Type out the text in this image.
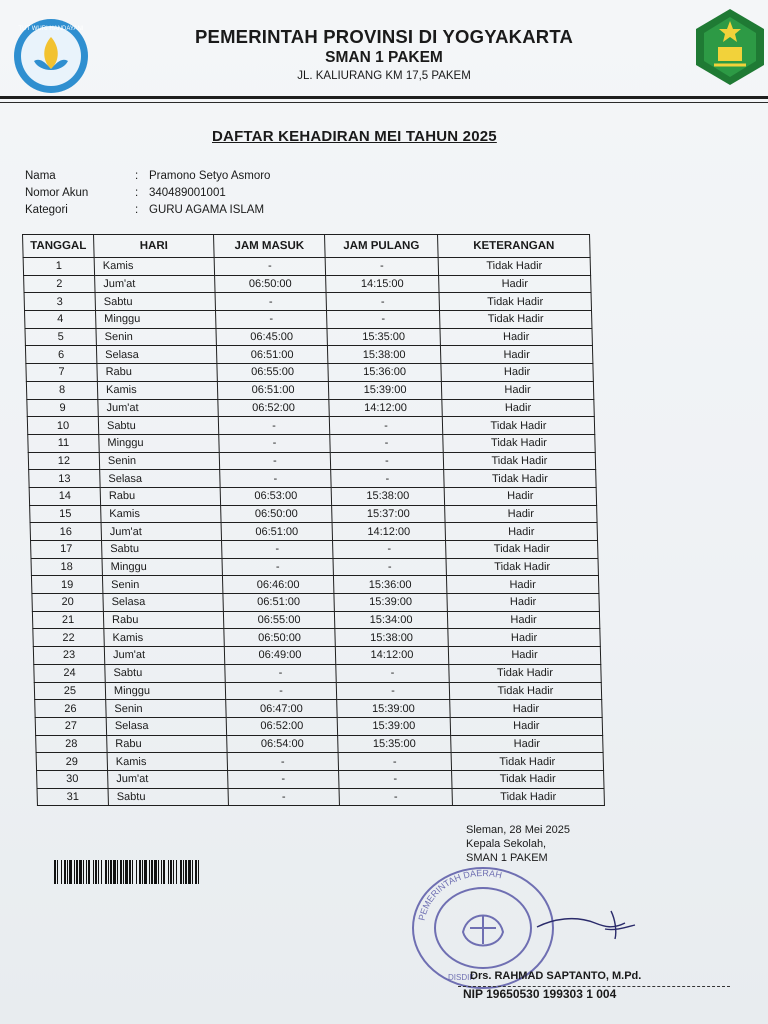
TUT WURI HANDAYANI	PEMERINTAH PROVINSI DI YOGYAKARTA
SMAN 1 PAKEM
JL. KALIURANG KM 17,5 PAKEM
DAFTAR KEHADIRAN MEI TAHUN 2025
Nama	: Pramono Setyo Asmoro
Nomor Akun	: 340489001001
Kategori	: GURU AGAMA ISLAM
TANGGAL	HARI	JAM MASUK	JAM PULANG	KETERANGAN
1	Kamis	-	-	Tidak Hadir
2	Jum'at	06:50:00	14:15:00	Hadir
3	Sabtu	-	-	Tidak Hadir
4	Minggu	-	-	Tidak Hadir
5	Senin	06:45:00	15:35:00	Hadir
6	Selasa	06:51:00	15:38:00	Hadir
7	Rabu	06:55:00	15:36:00	Hadir
8	Kamis	06:51:00	15:39:00	Hadir
9	Jum'at	06:52:00	14:12:00	Hadir
10	Sabtu	-	-	Tidak Hadir
11	Minggu	-	-	Tidak Hadir
12	Senin	-	-	Tidak Hadir
13	Selasa	-	-	Tidak Hadir
14	Rabu	06:53:00	15:38:00	Hadir
15	Kamis	06:50:00	15:37:00	Hadir
16	Jum'at	06:51:00	14:12:00	Hadir
17	Sabtu	-	-	Tidak Hadir
18	Minggu	-	-	Tidak Hadir
19	Senin	06:46:00	15:36:00	Hadir
20	Selasa	06:51:00	15:39:00	Hadir
21	Rabu	06:55:00	15:34:00	Hadir
22	Kamis	06:50:00	15:38:00	Hadir
23	Jum'at	06:49:00	14:12:00	Hadir
24	Sabtu	-	-	Tidak Hadir
25	Minggu	-	-	Tidak Hadir
26	Senin	06:47:00	15:39:00	Hadir
27	Selasa	06:52:00	15:39:00	Hadir
28	Rabu	06:54:00	15:35:00	Hadir
29	Kamis	-	-	Tidak Hadir
30	Jum'at	-	-	Tidak Hadir
31	Sabtu	-	-	Tidak Hadir
Sleman, 28 Mei 2025
Kepala Sekolah,
SMAN 1 PAKEM
PEMERINTAH DAERAH
DISDIK
Drs. RAHMAD SAPTANTO, M.Pd.
NIP 19650530 199303 1 004
